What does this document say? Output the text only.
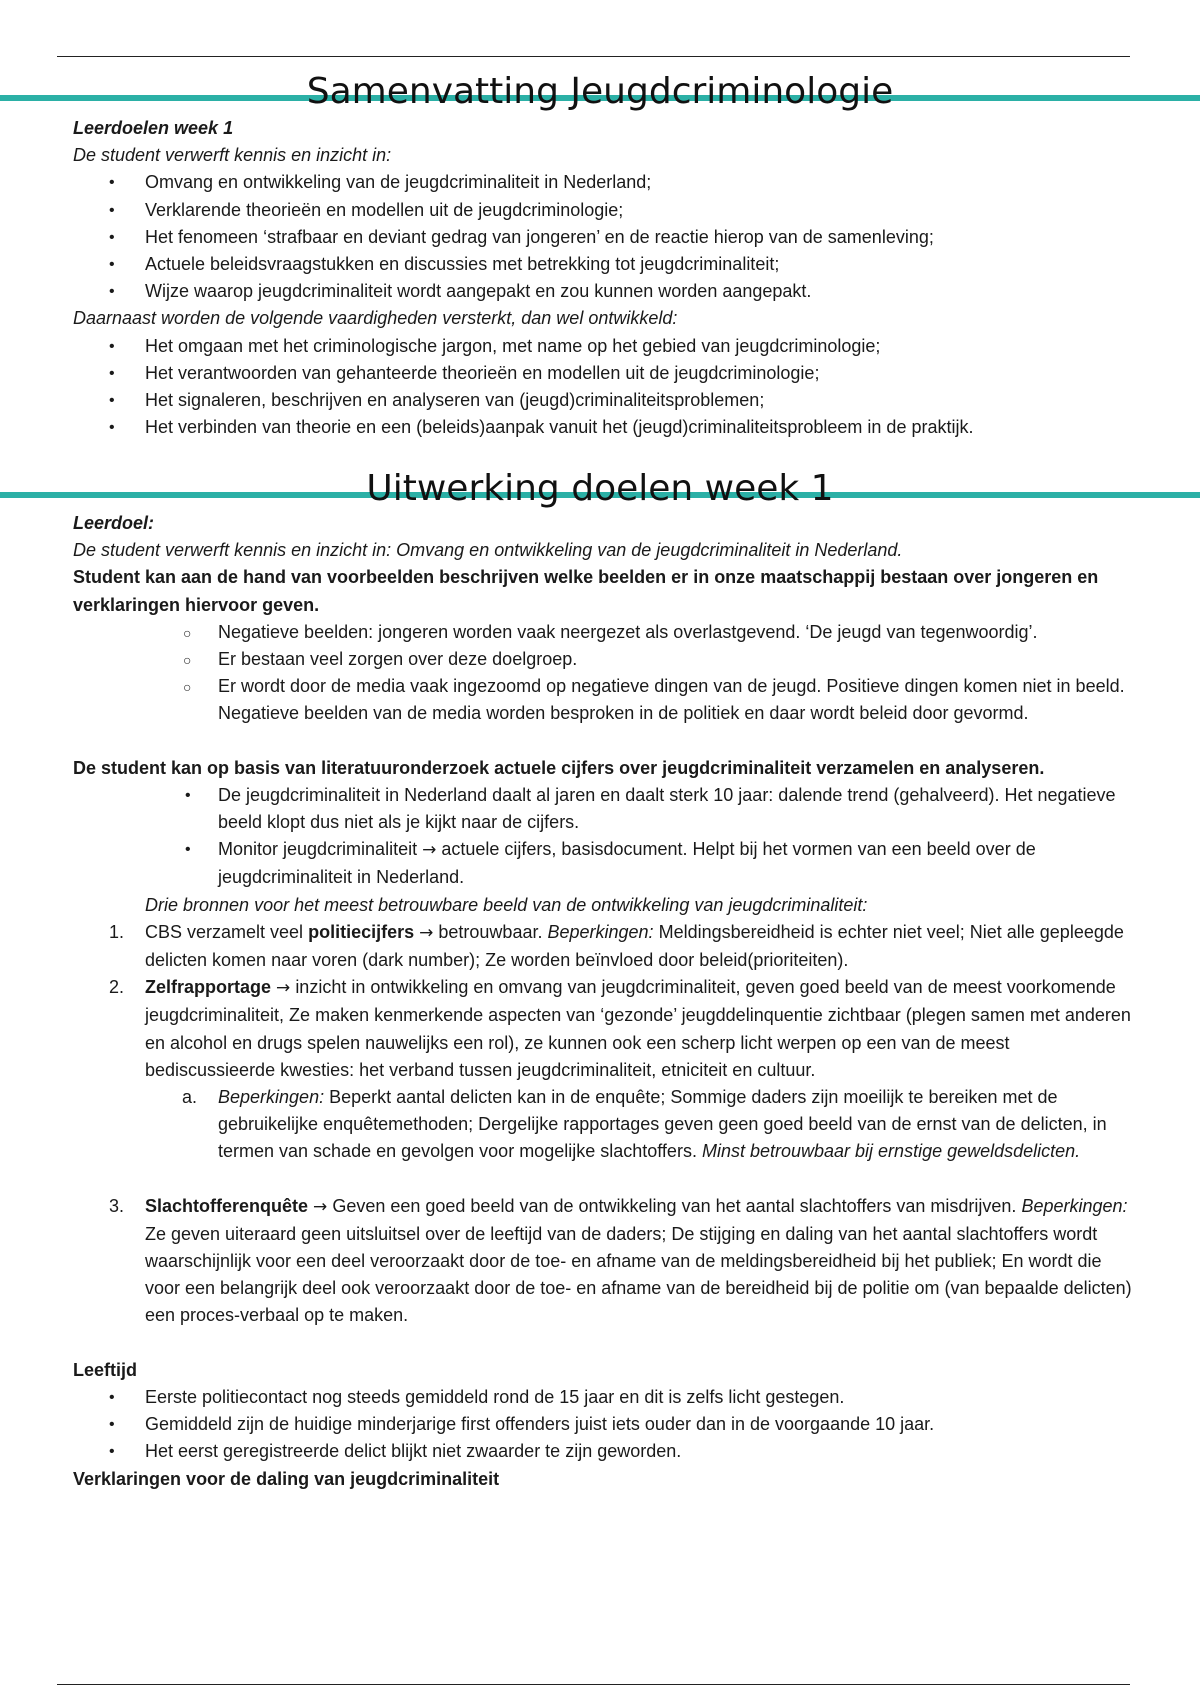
Samenvatting Jeugdcriminologie

Leerdoelen week 1

De student verwerft kennis en inzicht in:

• Omvang en ontwikkeling van de jeugdcriminaliteit in Nederland;
• Verklarende theorieën en modellen uit de jeugdcriminologie;
• Het fenomeen ‘strafbaar en deviant gedrag van jongeren’ en de reactie hierop van de samenleving;
• Actuele beleidsvraagstukken en discussies met betrekking tot jeugdcriminaliteit;
• Wijze waarop jeugdcriminaliteit wordt aangepakt en zou kunnen worden aangepakt.

Daarnaast worden de volgende vaardigheden versterkt, dan wel ontwikkeld:

• Het omgaan met het criminologische jargon, met name op het gebied van jeugdcriminologie;
• Het verantwoorden van gehanteerde theorieën en modellen uit de jeugdcriminologie;
• Het signaleren, beschrijven en analyseren van (jeugd)criminaliteitsproblemen;
• Het verbinden van theorie en een (beleids)aanpak vanuit het (jeugd)criminaliteitsprobleem in de praktijk.
Uitwerking doelen week 1

Leerdoel:

De student verwerft kennis en inzicht in: Omvang en ontwikkeling van de jeugdcriminaliteit in Nederland.

Student kan aan de hand van voorbeelden beschrijven welke beelden er in onze maatschappij bestaan over jongeren en verklaringen hiervoor geven.

○ Negatieve beelden: jongeren worden vaak neergezet als overlastgevend. ‘De jeugd van tegenwoordig’.
○ Er bestaan veel zorgen over deze doelgroep.
○ Er wordt door de media vaak ingezoomd op negatieve dingen van de jeugd. Positieve dingen komen niet in beeld. Negatieve beelden van de media worden besproken in de politiek en daar wordt beleid door gevormd.

De student kan op basis van literatuuronderzoek actuele cijfers over jeugdcriminaliteit verzamelen en analyseren.

• De jeugdcriminaliteit in Nederland daalt al jaren en daalt sterk 10 jaar: dalende trend (gehalveerd). Het negatieve beeld klopt dus niet als je kijkt naar de cijfers.
• Monitor jeugdcriminaliteit → actuele cijfers, basisdocument. Helpt bij het vormen van een beeld over de jeugdcriminaliteit in Nederland.

Drie bronnen voor het meest betrouwbare beeld van de ontwikkeling van jeugdcriminaliteit:

1. CBS verzamelt veel politiecijfers → betrouwbaar. Beperkingen: Meldingsbereidheid is echter niet veel; Niet alle gepleegde delicten komen naar voren (dark number); Ze worden beïnvloed door beleid(prioriteiten).
2. Zelfrapportage → inzicht in ontwikkeling en omvang van jeugdcriminaliteit, geven goed beeld van de meest voorkomende jeugdcriminaliteit, Ze maken kenmerkende aspecten van ‘gezonde’ jeugddelinquentie zichtbaar (plegen samen met anderen en alcohol en drugs spelen nauwelijks een rol), ze kunnen ook een scherp licht werpen op een van de meest bediscussieerde kwesties: het verband tussen jeugdcriminaliteit, etniciteit en cultuur.
a. Beperkingen: Beperkt aantal delicten kan in de enquête; Sommige daders zijn moeilijk te bereiken met de gebruikelijke enquêtemethoden; Dergelijke rapportages geven geen goed beeld van de ernst van de delicten, in termen van schade en gevolgen voor mogelijke slachtoffers. Minst betrouwbaar bij ernstige geweldsdelicten.
3. Slachtofferenquête → Geven een goed beeld van de ontwikkeling van het aantal slachtoffers van misdrijven. Beperkingen: Ze geven uiteraard geen uitsluitsel over de leeftijd van de daders; De stijging en daling van het aantal slachtoffers wordt waarschijnlijk voor een deel veroorzaakt door de toe- en afname van de meldingsbereidheid bij het publiek; En wordt die voor een belangrijk deel ook veroorzaakt door de toe- en afname van de bereidheid bij de politie om (van bepaalde delicten) een proces-verbaal op te maken.

Leeftijd

• Eerste politiecontact nog steeds gemiddeld rond de 15 jaar en dit is zelfs licht gestegen.
• Gemiddeld zijn de huidige minderjarige first offenders juist iets ouder dan in de voorgaande 10 jaar.
• Het eerst geregistreerde delict blijkt niet zwaarder te zijn geworden.

Verklaringen voor de daling van jeugdcriminaliteit
